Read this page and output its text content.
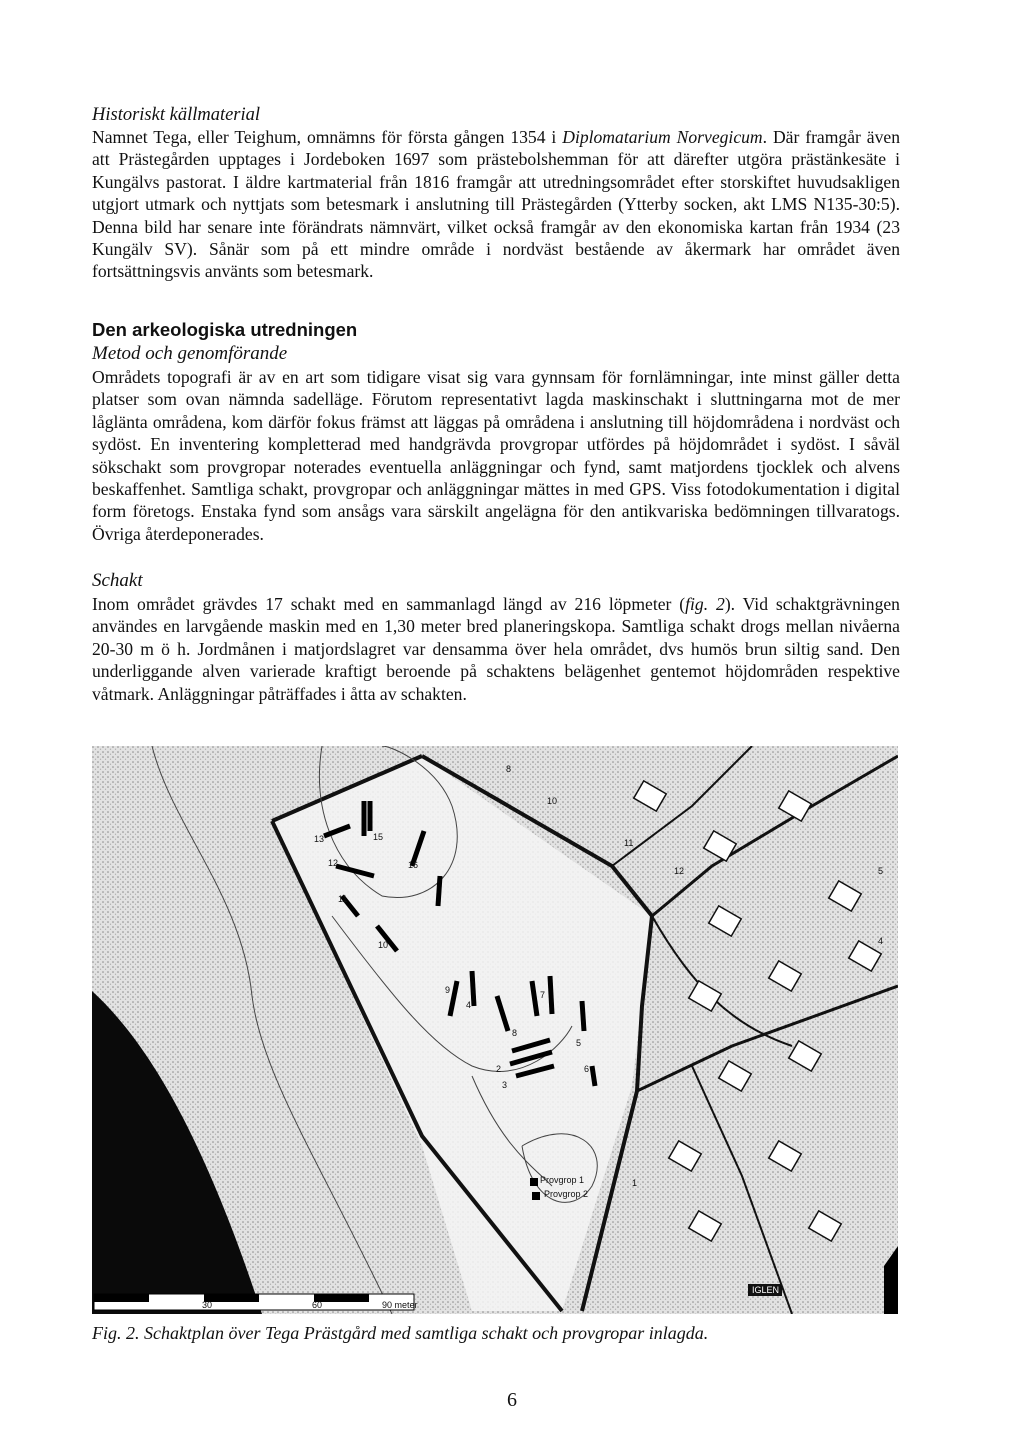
Historiskt källmaterial

Namnet Tega, eller Teighum, omnämns för första gången 1354 i Diplomatarium Norvegicum. Där framgår även att Prästegården upptages i Jordeboken 1697 som prästebolshemman för att därefter utgöra prästänkesäte i Kungälvs pastorat. I äldre kartmaterial från 1816 framgår att utredningsområdet efter storskiftet huvudsakligen utgjort utmark och nyttjats som betesmark i anslutning till Prästegården (Ytterby socken, akt LMS N135-30:5). Denna bild har senare inte förändrats nämnvärt, vilket också framgår av den ekonomiska kartan från 1934 (23 Kungälv SV). Sånär som på ett mindre område i nordväst bestående av åkermark har området även fortsättningsvis använts som betesmark.

Den arkeologiska utredningen

Metod och genomförande

Områdets topografi är av en art som tidigare visat sig vara gynnsam för fornlämningar, inte minst gäller detta platser som ovan nämnda sadelläge. Förutom representativt lagda maskinschakt i sluttningarna mot de mer låglänta områdena, kom därför fokus främst att läggas på områdena i anslutning till höjdområdena i nordväst och sydöst. En inventering kompletterad med handgrävda provgropar utfördes på höjdområdet i sydöst. I såväl sökschakt som provgropar noterades eventuella anläggningar och fynd, samt matjordens tjocklek och alvens beskaffenhet. Samtliga schakt, provgropar och anläggningar mättes in med GPS. Viss fotodokumentation i digital form företogs. Enstaka fynd som ansågs vara särskilt angelägna för den antikvariska bedömningen tillvaratogs. Övriga återdeponerades.

Schakt

Inom området grävdes 17 schakt med en sammanlagd längd av 216 löpmeter (fig. 2). Vid schaktgrävningen användes en larvgående maskin med en 1,30 meter bred planeringskopa. Samtliga schakt drogs mellan nivåerna 20-30 m ö h. Jordmånen i matjordslagret var densamma över hela området, dvs humös brun siltig sand. Den underliggande alven varierade kraftigt beroende på schaktens belägenhet gentemot höjdområden respektive våtmark. Anläggningar påträffades i åtta av schakten.

13	15
16
12
11
10
9
8
7
2
3
4
6
5
1
8
10
11
12	5
4
Provgrop 1
Provgrop 2
IGLEN
30	60	90 meter
Fig. 2. Schaktplan över Tega Prästgård med samtliga schakt och provgropar inlagda.
6
